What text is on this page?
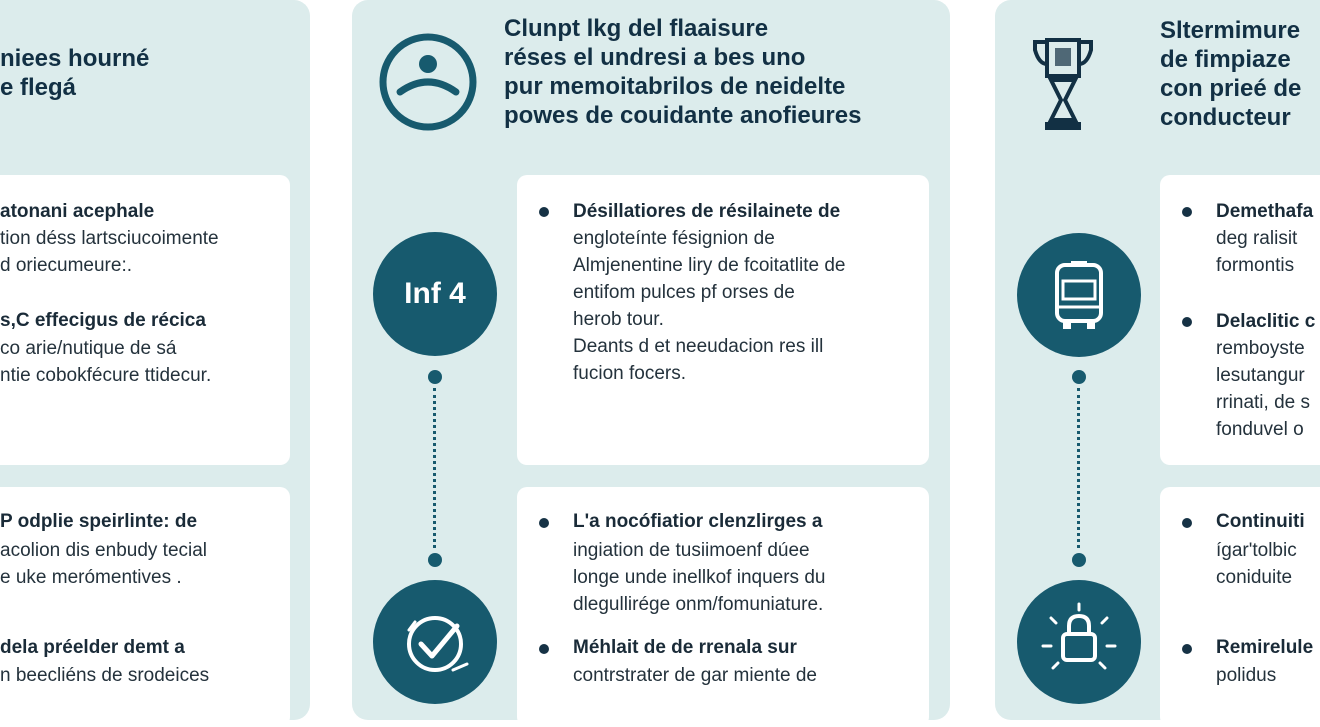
niees hourné
e flegá
atonani acephale
tion déss lartsciucoimente
d oriecumeure:.
s,C effecigus de récica
co arie/nutique de sá
ntie cobokfécure ttidecur.
P odplie speirlinte: de
acolion dis enbudy tecial
e uke merómentives .
dela préelder demt a
n beecliéns de srodeices
Clunpt lkg del flaaisure
réses el undresi a bes uno
pur memoitabrilos de neidelte
powes de couidante anofieures
Inf 4
Désillatiores de résilainete de
engloteínte fésignion de
Almjenentine liry de fcoitatlite de
entifom pulces pf orses de
herob tour.
Deants d et neeudacion res ill
fucion focers.
L'a nocófiatior clenzlirges a
ingiation de tusiimoenf dúee
longe unde inellkof inquers du
dlegullirége onm/fomuniature.
Méhlait de de rrenala sur
contrstrater de gar miente de
Sltermimure
de fimpiaze
con prieé de
conducteur
Demethafa
deg ralisit
formontis
Delaclitic c
remboyste
lesutangur
rrinati, de s
fonduvel o
Continuiti
ígar'tolbic
coniduite
Remirelule
polidus
